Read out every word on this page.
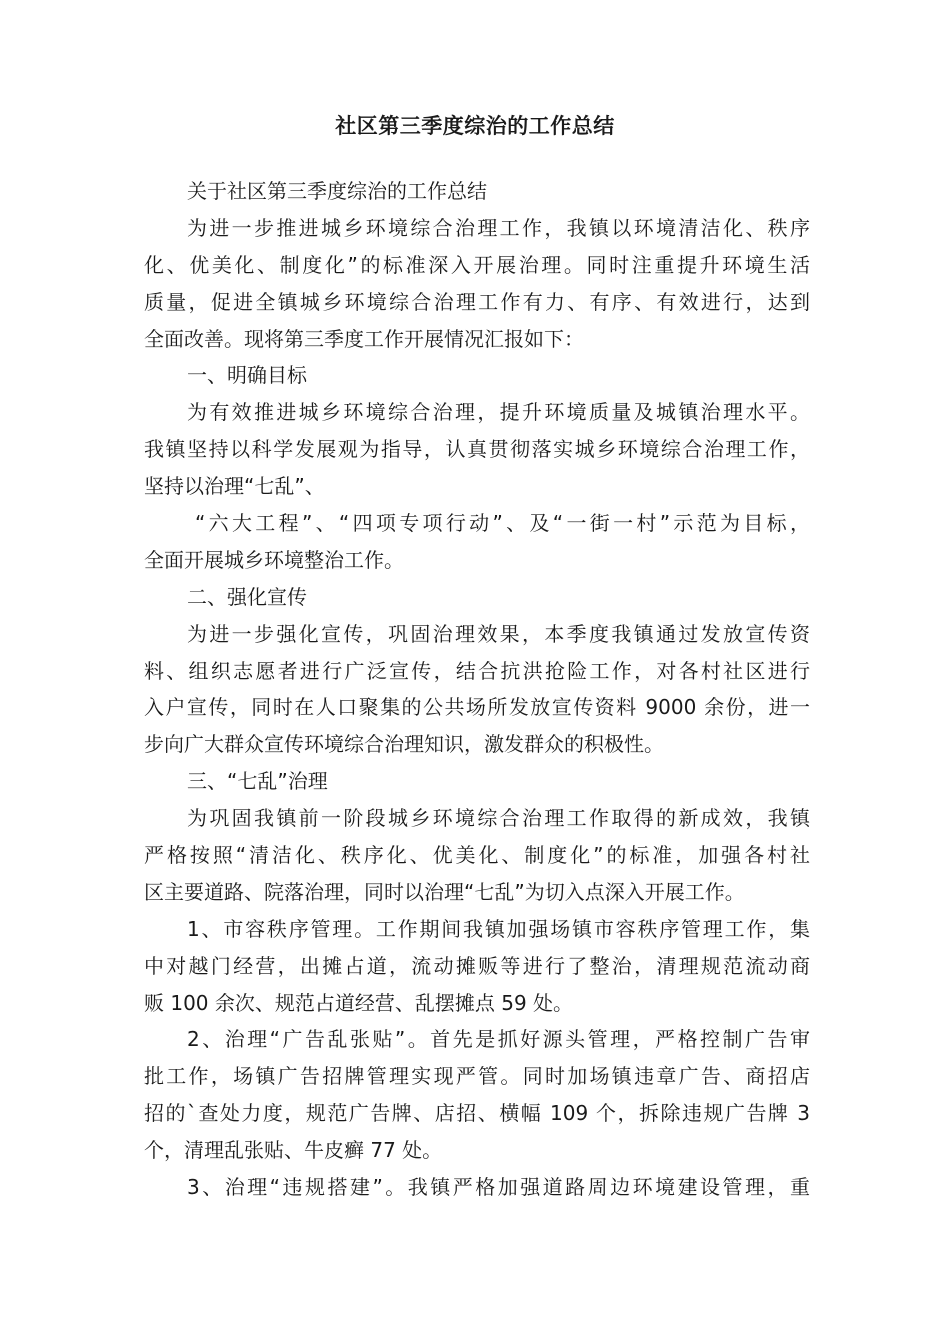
社区第三季度综治的工作总结
关于社区第三季度综治的工作总结
为进一步推进城乡环境综合治理工作，我镇以环境清洁化、秩序
化、优美化、制度化”的标准深入开展治理。同时注重提升环境生活
质量，促进全镇城乡环境综合治理工作有力、有序、有效进行，达到
全面改善。现将第三季度工作开展情况汇报如下：
一、明确目标
为有效推进城乡环境综合治理，提升环境质量及城镇治理水平。
我镇坚持以科学发展观为指导，认真贯彻落实城乡环境综合治理工作，
坚持以治理“七乱”、
“六大工程”、“四项专项行动”、及“一街一村”示范为目标，
全面开展城乡环境整治工作。
二、强化宣传
为进一步强化宣传，巩固治理效果，本季度我镇通过发放宣传资
料、组织志愿者进行广泛宣传，结合抗洪抢险工作，对各村社区进行
入户宣传，同时在人口聚集的公共场所发放宣传资料 9000 余份，进一
步向广大群众宣传环境综合治理知识，激发群众的积极性。
三、“七乱”治理
为巩固我镇前一阶段城乡环境综合治理工作取得的新成效，我镇
严格按照“清洁化、秩序化、优美化、制度化”的标准，加强各村社
区主要道路、院落治理，同时以治理“七乱”为切入点深入开展工作。
1、市容秩序管理。工作期间我镇加强场镇市容秩序管理工作，集
中对越门经营，出摊占道，流动摊贩等进行了整治，清理规范流动商
贩 100 余次、规范占道经营、乱摆摊点 59 处。
2、治理“广告乱张贴”。首先是抓好源头管理，严格控制广告审
批工作，场镇广告招牌管理实现严管。同时加场镇违章广告、商招店
招的`查处力度，规范广告牌、店招、横幅 109 个，拆除违规广告牌 3
个，清理乱张贴、牛皮癣 77 处。
3、治理“违规搭建”。我镇严格加强道路周边环境建设管理，重
